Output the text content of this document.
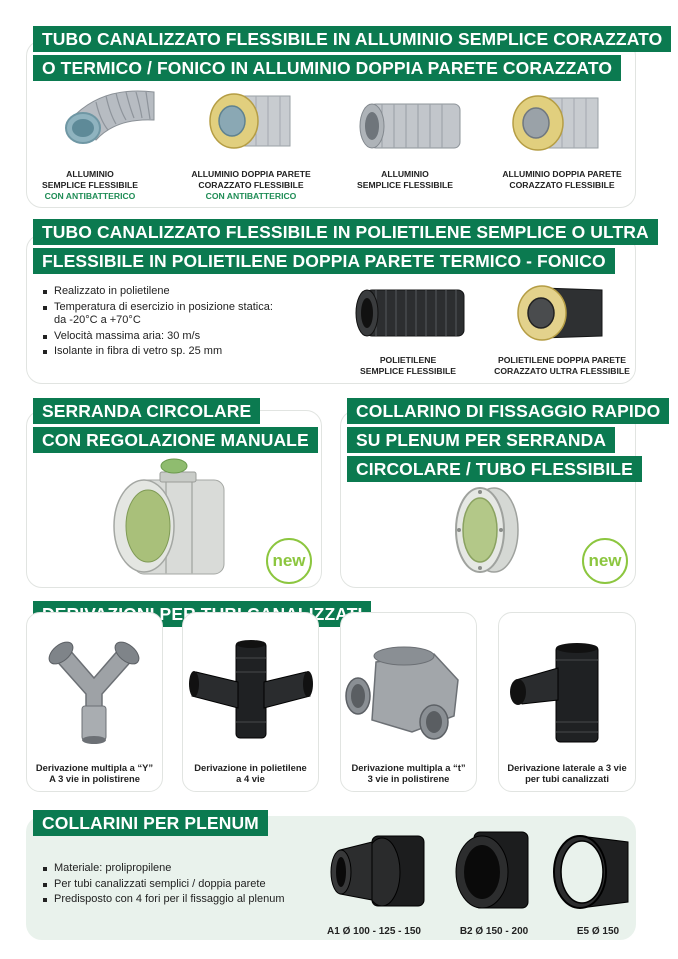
TUBO CANALIZZATO FLESSIBILE IN ALLUMINIO SEMPLICE CORAZZATO
O TERMICO / FONICO IN ALLUMINIO DOPPIA PARETE CORAZZATO
ALLUMINIO
SEMPLICE FLESSIBILE
CON ANTIBATTERICO
ALLUMINIO DOPPIA PARETE
CORAZZATO FLESSIBILE
CON ANTIBATTERICO
ALLUMINIO
SEMPLICE FLESSIBILE
ALLUMINIO DOPPIA PARETE
CORAZZATO FLESSIBILE
TUBO CANALIZZATO FLESSIBILE IN POLIETILENE SEMPLICE O ULTRA
FLESSIBILE IN POLIETILENE DOPPIA PARETE TERMICO - FONICO
Realizzato in polietilene
Temperatura di esercizio in posizione statica:
da -20°C a +70°C
Velocità massima aria: 30 m/s
Isolante in fibra di vetro sp. 25 mm
POLIETILENE
SEMPLICE FLESSIBILE
POLIETILENE DOPPIA PARETE
CORAZZATO ULTRA FLESSIBILE
SERRANDA CIRCOLARE
CON REGOLAZIONE MANUALE
new
COLLARINO DI FISSAGGIO RAPIDO
SU PLENUM PER SERRANDA
CIRCOLARE / TUBO FLESSIBILE
new
PER
Derivazione multipla a “Y”
A 3 vie in polistirene
Derivazione in polietilene
a 4 vie
Derivazione multipla a “t”
3 vie in polistirene
Derivazione laterale a 3 vie
per tubi canalizzati
COLLARINI PER PLENUM
Materiale: prolipropilene
Per tubi canalizzati semplici / doppia parete
Predisposto con 4 fori per il fissaggio al plenum
A1 Ø 100 - 125 - 150	B2 Ø 150 - 200	E5 Ø 150
